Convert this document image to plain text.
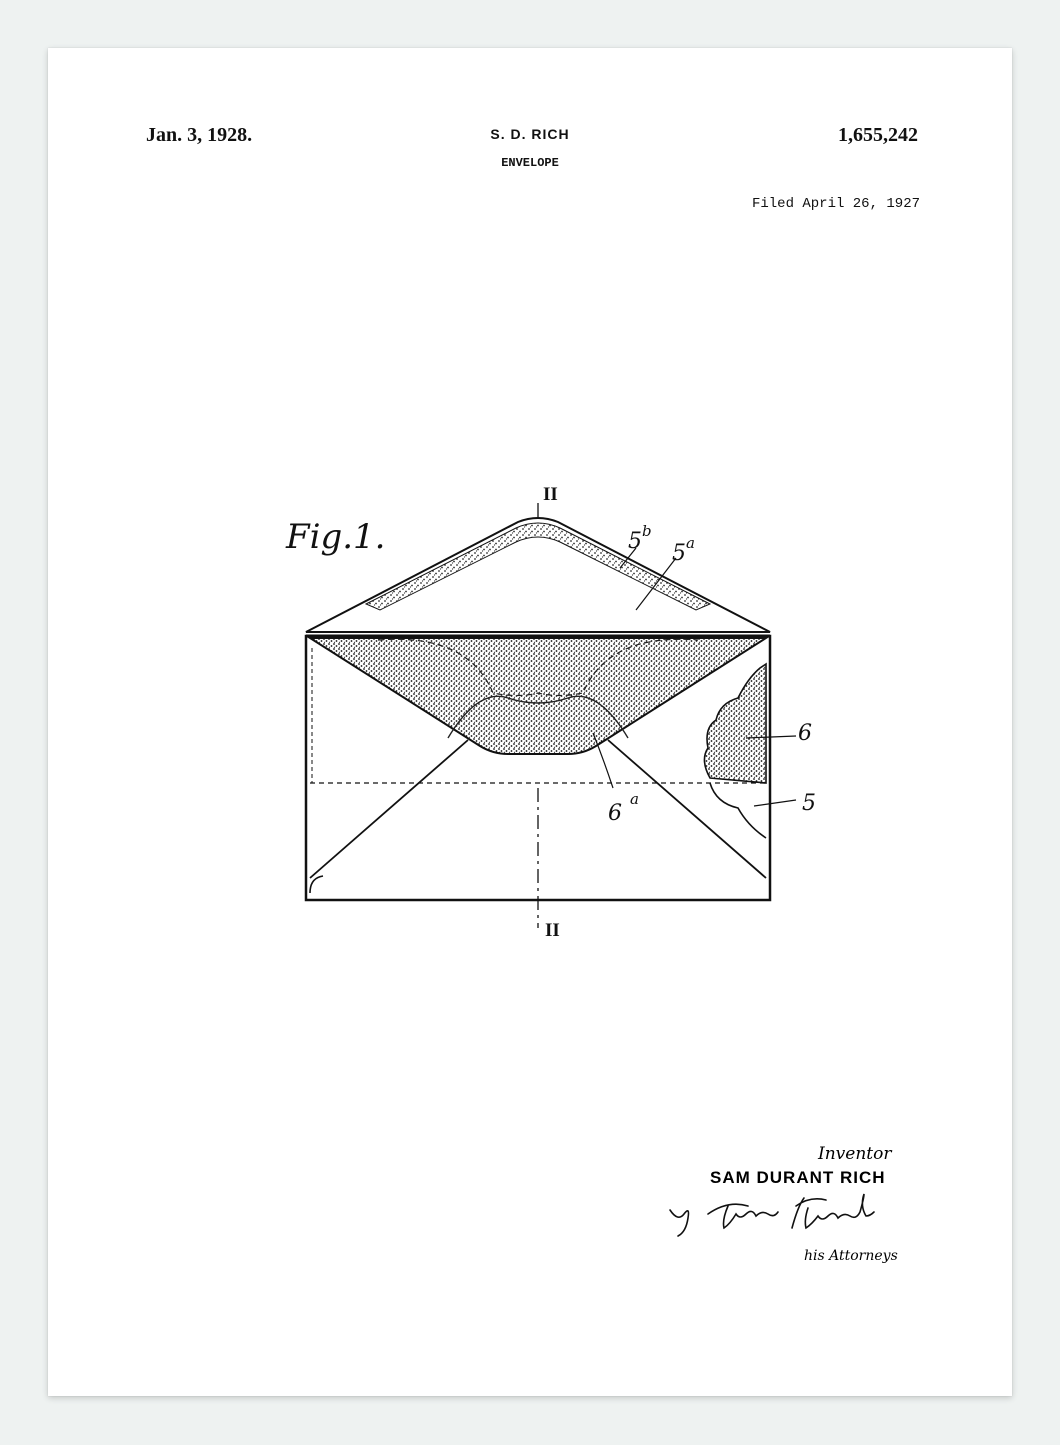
Jan. 3, 1928.	S. D. RICH
ENVELOPE
1,655,242
Filed April 26, 1927
Fig.1.
II
II
5 b
5 a
6
6
a	5
Inventor
SAM DURANT RICH
his Attorneys
